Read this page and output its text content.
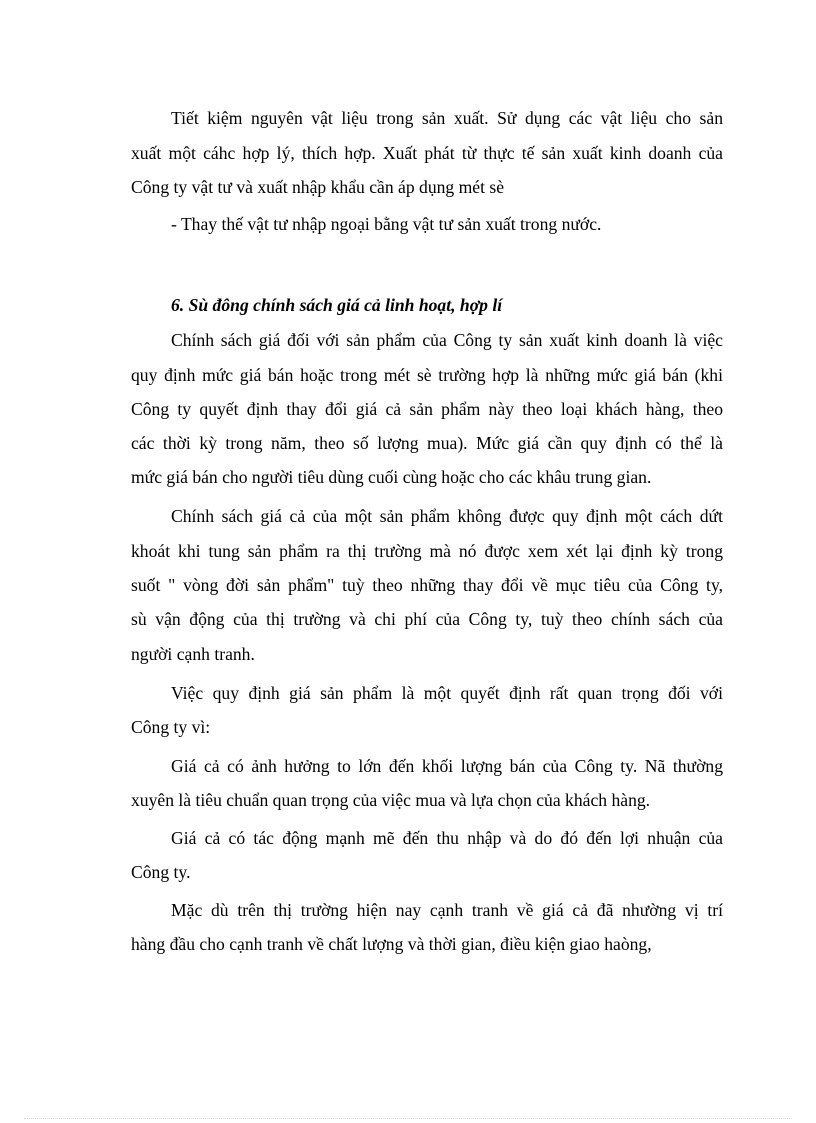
Tiết kiệm nguyên vật liệu trong sản xuất. Sử dụng các vật liệu cho sản
xuất một cáhc hợp lý, thích hợp. Xuất phát từ thực tế sản xuất kinh doanh của
Công ty vật tư và xuất nhập khẩu cần áp dụng mét sè
- Thay thế vật tư nhập ngoại bằng vật tư sản xuất trong nước.
6. Sù đông chính sách giá cả linh hoạt, hợp lí
Chính sách giá đối với sản phẩm của Công ty sản xuất kinh doanh là việc
quy định mức giá bán hoặc trong mét sè trường hợp là những mức giá bán (khi
Công ty quyết định thay đổi giá cả sản phẩm này theo loại khách hàng, theo
các thời kỳ trong năm, theo số lượng mua). Mức giá cần quy định có thể là
mức giá bán cho người tiêu dùng cuối cùng hoặc cho các khâu trung gian.
Chính sách giá cả của một sản phẩm không được quy định một cách dứt
khoát khi tung sản phẩm ra thị trường mà nó được xem xét lại định kỳ trong
suốt " vòng đời sản phẩm" tuỳ theo những thay đổi về mục tiêu của Công ty,
sù vận động của thị trường và chi phí của Công ty, tuỳ theo chính sách của
người cạnh tranh.
Việc quy định giá sản phẩm là một quyết định rất quan trọng đối với
Công ty vì:
Giá cả có ảnh hưởng to lớn đến khối lượng bán của Công ty. Nã thường
xuyên là tiêu chuẩn quan trọng của việc mua và lựa chọn của khách hàng.
Giá cả có tác động mạnh mẽ đến thu nhập và do đó đến lợi nhuận của
Công ty.
Mặc dù trên thị trường hiện nay cạnh tranh về giá cả đã nhường vị trí
hàng đầu cho cạnh tranh về chất lượng và thời gian, điều kiện giao haòng,
